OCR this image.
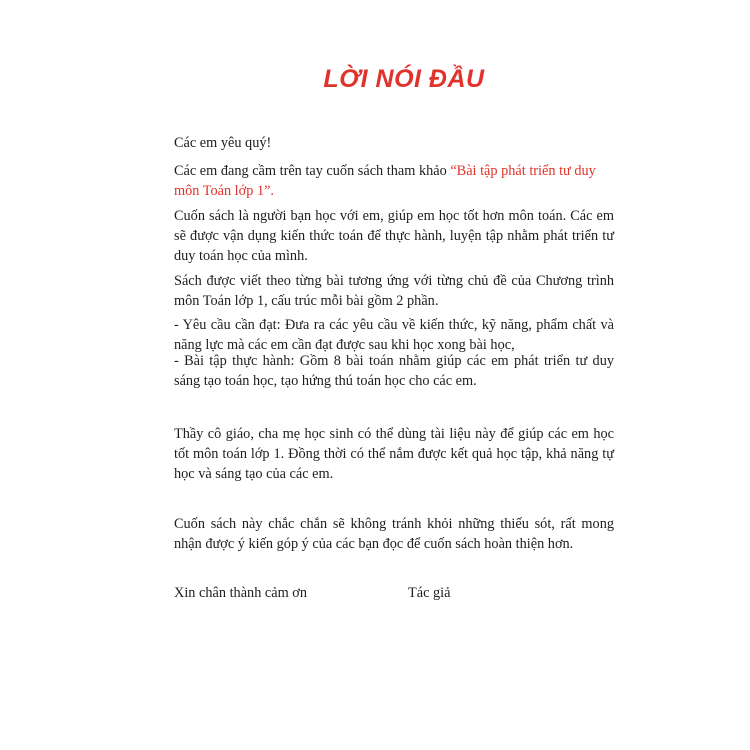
LỜI NÓI ĐẦU

Các em yêu quý!

Các em đang cầm trên tay cuốn sách tham khảo “Bài tập phát triển tư duy môn Toán lớp 1”.

Cuốn sách là người bạn học với em, giúp em học tốt hơn môn toán. Các em sẽ được vận dụng kiến thức toán để thực hành, luyện tập nhằm phát triển tư duy toán học của mình.

Sách được viết theo từng bài tương ứng với từng chủ đề của Chương trình môn Toán lớp 1, cấu trúc mỗi bài gồm 2 phần.

- Yêu cầu cần đạt: Đưa ra các yêu cầu về kiến thức, kỹ năng, phẩm chất và năng lực mà các em cần đạt được sau khi học xong bài học,

- Bài tập thực hành: Gồm 8 bài toán nhằm giúp các em phát triển tư duy sáng tạo toán học, tạo hứng thú toán học cho các em.

Thầy cô giáo, cha mẹ học sinh có thể dùng tài liệu này để giúp các em học tốt môn toán lớp 1. Đồng thời có thể nắm được kết quả học tập, khả năng tự học và sáng tạo của các em.

Cuốn sách này chắc chắn sẽ không tránh khỏi những thiếu sót, rất mong nhận được ý kiến góp ý của các bạn đọc để cuốn sách hoàn thiện hơn.

Xin chân thành cảm ơn	Tác giả
